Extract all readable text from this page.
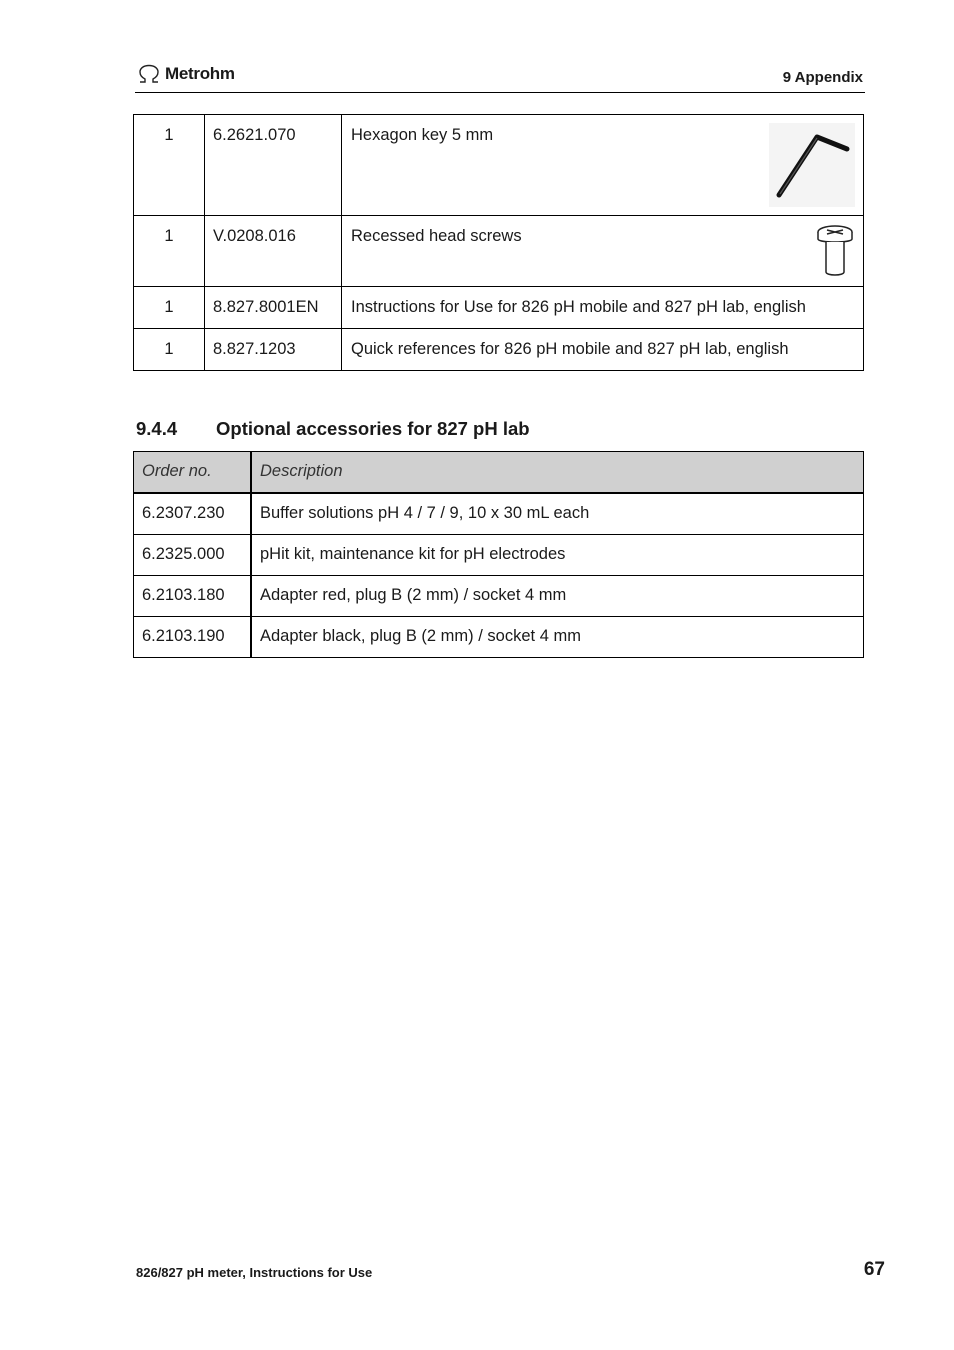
Metrohm	9 Appendix
1	6.2621.070	Hexagon key 5 mm

1	V.0208.016	Recessed head screws

1	8.827.8001EN	Instructions for Use for 826 pH mobile and 827 pH lab, english
1	8.827.1203	Quick references for 826 pH mobile and 827 pH lab, english
9.4.4 Optional accessories for 827 pH lab
Order no.	Description
6.2307.230	Buffer solutions pH 4 / 7 / 9, 10 x 30 mL each
6.2325.000	pHit kit, maintenance kit for pH electrodes
6.2103.180	Adapter red, plug B (2 mm) / socket 4 mm
6.2103.190	Adapter black, plug B (2 mm) / socket 4 mm
826/827 pH meter, Instructions for Use	67
